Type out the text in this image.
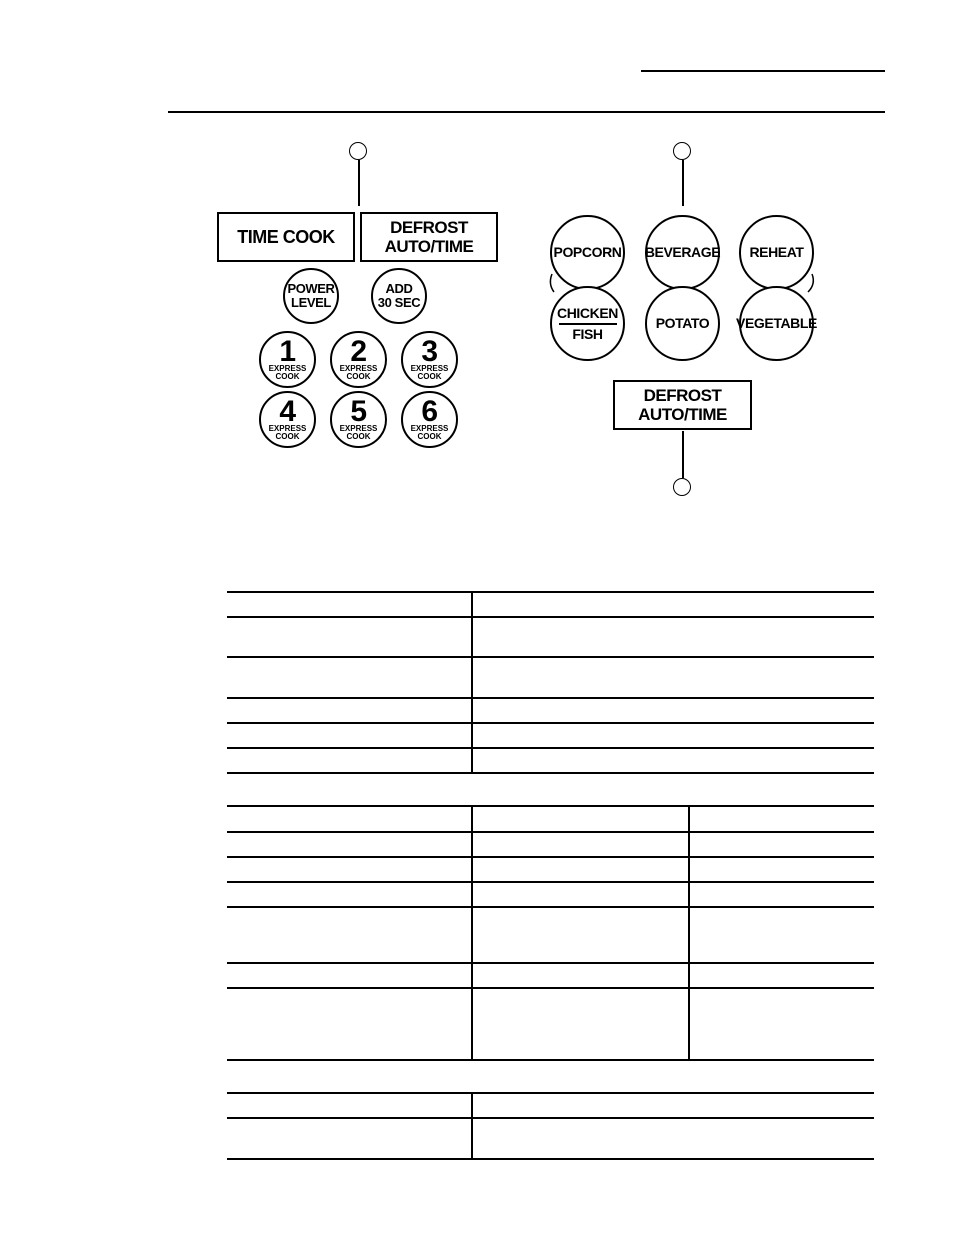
TIME COOK	DEFROST
AUTO/TIME
POWER
LEVEL
ADD
30 SEC
1
EXPRESS
COOK
2
EXPRESS
COOK
3
EXPRESS
COOK
4
EXPRESS
COOK
5
EXPRESS
COOK
6
EXPRESS
COOK
POPCORN BEVERAGE REHEAT
CHICKEN
FISH
POTATO VEGETABLE
DEFROST
AUTO/TIME
